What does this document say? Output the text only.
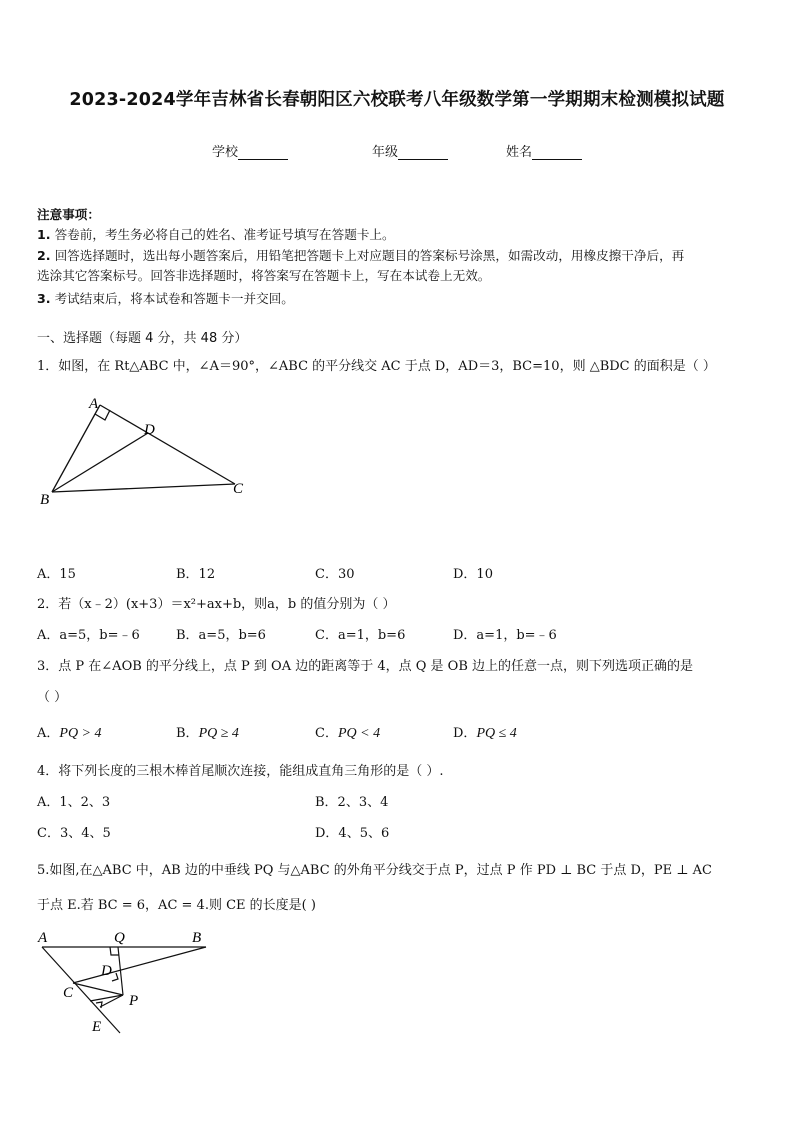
2023-2024学年吉林省长春朝阳区六校联考八年级数学第一学期期末检测模拟试题
学校	年级	姓名
注意事项：
1. 答卷前，考生务必将自己的姓名、准考证号填写在答题卡上。
2. 回答选择题时，选出每小题答案后，用铅笔把答题卡上对应题目的答案标号涂黑，如需改动，用橡皮擦干净后，再
选涂其它答案标号。回答非选择题时，将答案写在答题卡上，写在本试卷上无效。
3. 考试结束后，将本试卷和答题卡一并交回。
一、选择题（每题 4 分，共 48 分）
1．如图，在 Rt△ABC 中，∠A＝90°，∠ABC 的平分线交 AC 于点 D，AD＝3，BC=10，则 △BDC 的面积是（ ）
A
D
B
C
A．15	B．12	C．30	D．10
2．若（x﹣2）(x+3）＝x²+ax+b，则a，b 的值分别为（ ）
A．a=5，b=﹣6	B．a=5，b=6	C．a=1，b=6	D．a=1，b=﹣6
3．点 P 在∠AOB 的平分线上，点 P 到 OA 边的距离等于 4，点 Q 是 OB 边上的任意一点，则下列选项正确的是
（ ）
A．PQ > 4	B．PQ ≥ 4	C．PQ < 4	D．PQ ≤ 4
4．将下列长度的三根木棒首尾顺次连接，能组成直角三角形的是（ ）.
A．1、2、3	B．2、3、4
C．3、4、5	D．4、5、6
5.如图,在△ABC 中，AB 边的中垂线 PQ 与△ABC 的外角平分线交于点 P，过点 P 作 PD ⊥ BC 于点 D，PE ⊥ AC
于点 E.若 BC = 6，AC = 4.则 CE 的长度是( )
A	Q	B
D
C	P
E
